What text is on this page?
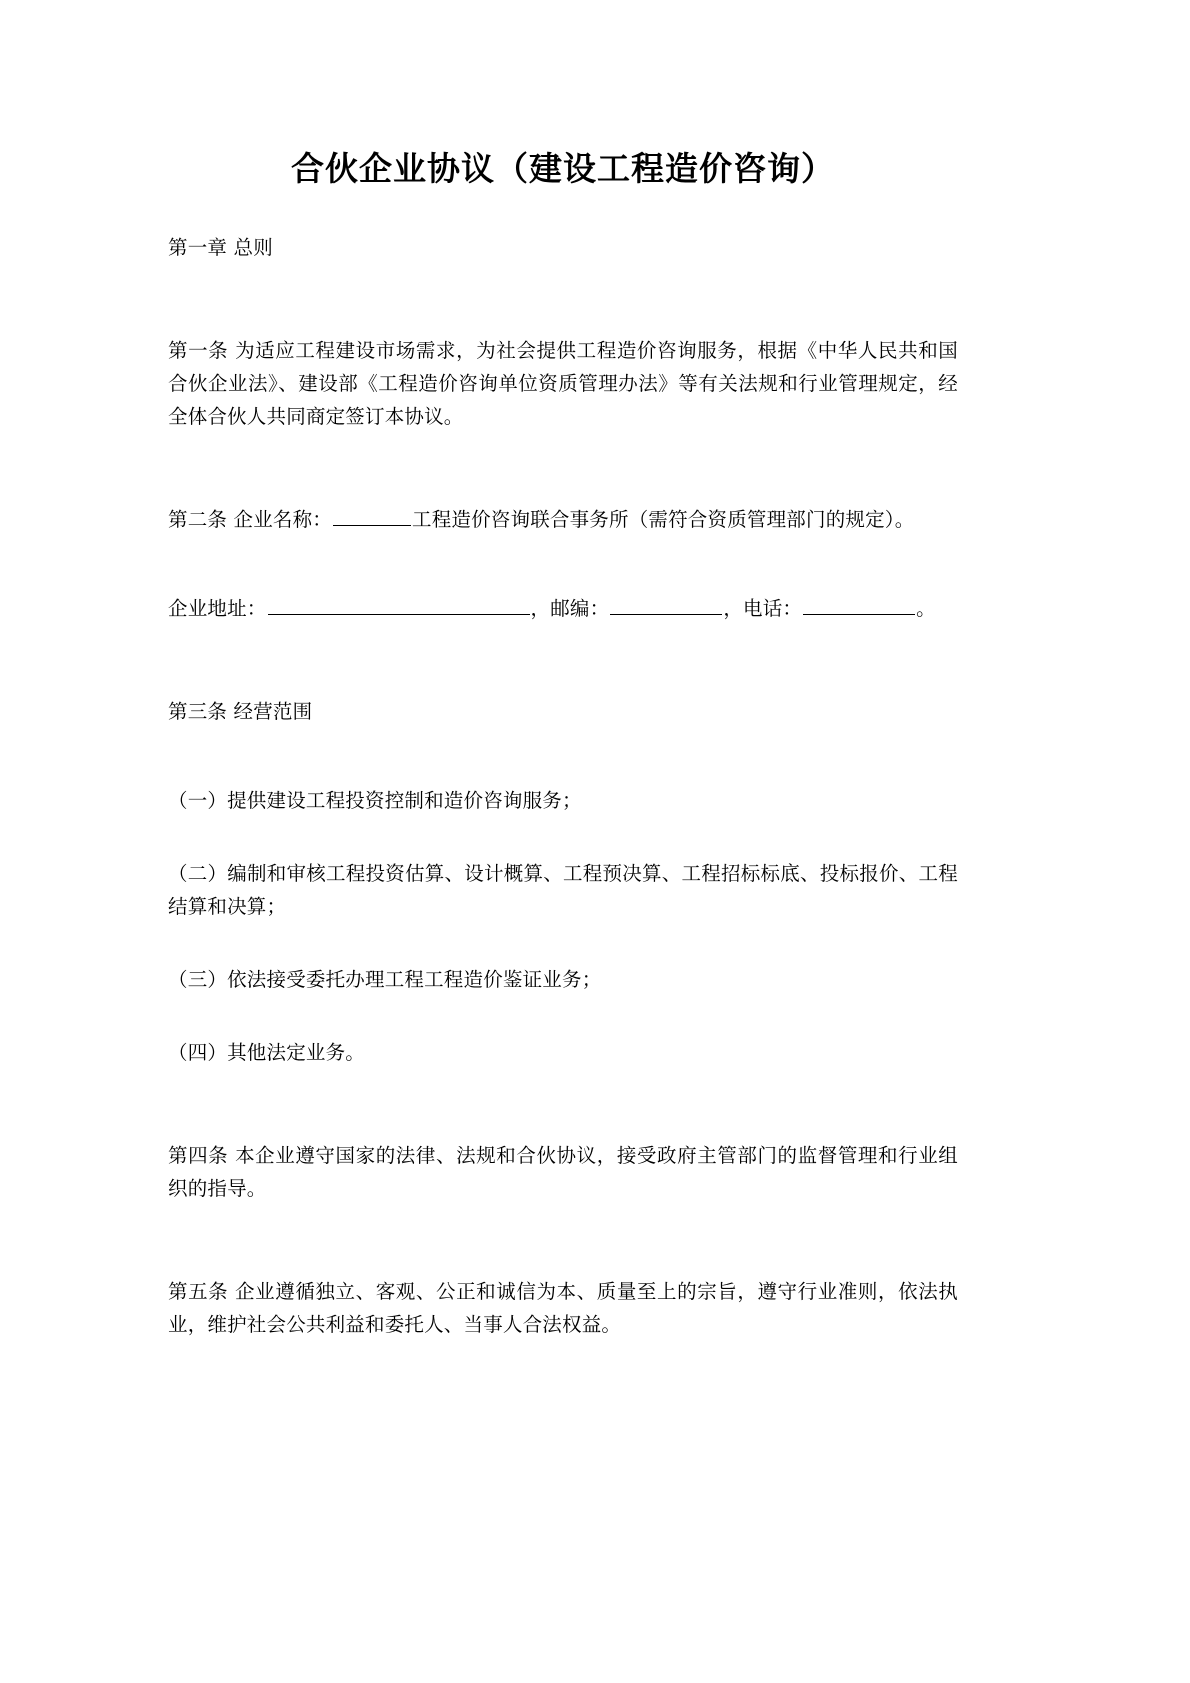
合伙企业协议（建设工程造价咨询）

第一章 总则

第一条 为适应工程建设市场需求，为社会提供工程造价咨询服务，根据《中华人民共和国合伙企业法》、建设部《工程造价咨询单位资质管理办法》等有关法规和行业管理规定，经全体合伙人共同商定签订本协议。

第二条 企业名称：	工程造价咨询联合事务所（需符合资质管理部门的规定）。

企业地址：	，邮编：	，电话：	。

第三条 经营范围

（一）提供建设工程投资控制和造价咨询服务；

（二）编制和审核工程投资估算、设计概算、工程预决算、工程招标标底、投标报价、工程结算和决算；

（三）依法接受委托办理工程工程造价鉴证业务；

（四）其他法定业务。

第四条 本企业遵守国家的法律、法规和合伙协议，接受政府主管部门的监督管理和行业组织的指导。

第五条 企业遵循独立、客观、公正和诚信为本、质量至上的宗旨，遵守行业准则，依法执业，维护社会公共利益和委托人、当事人合法权益。
